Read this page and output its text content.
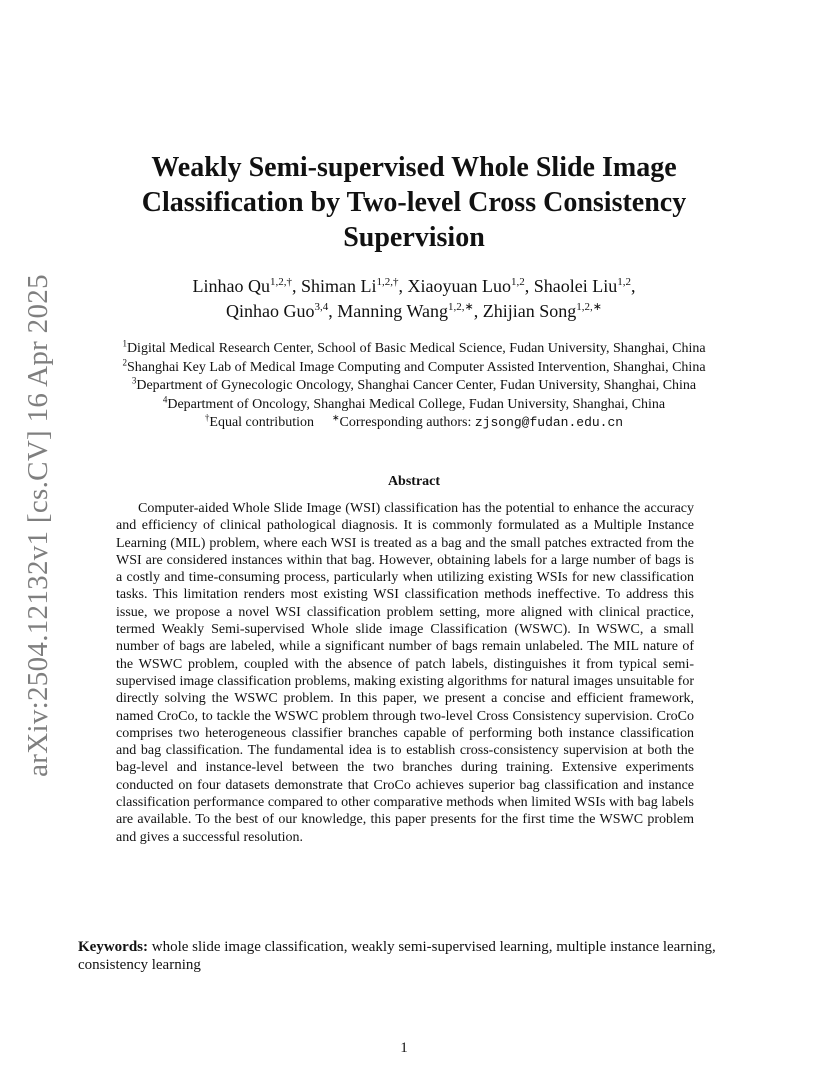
arXiv:2504.12132v1 [cs.CV] 16 Apr 2025
Weakly Semi-supervised Whole Slide Image Classification by Two-level Cross Consistency Supervision
Linhao $Qu^{1,2,\dagger}$, Shiman $Li^{1,2,\dagger}$, Xiaoyuan Luo$^{1,2}$, Shaolei Liu$^{1,2}$,
Qinhao Guo$^{3,4}$, Manning Wang$^{1,2,∗}$, Zhijian Song$^{1,2,∗}$
$^1$Digital Medical Research Center, School of Basic Medical Science, Fudan University, Shanghai, China
$^2$Shanghai Key Lab of Medical Image Computing and Computer Assisted Intervention, Shanghai, China
$^3$Department of Gynecologic Oncology, Shanghai Cancer Center, Fudan University, Shanghai, China
$^4$Department of Oncology, Shanghai Medical College, Fudan University, Shanghai, China
†Equal contribution ∗Corresponding authors: zjsong@fudan.edu.cn
Abstract

Computer-aided Whole Slide Image (WSI) classification has the potential to enhance the accuracy and efficiency of clinical pathological diagnosis. It is commonly formulated as a Multiple Instance Learning (MIL) problem, where each WSI is treated as a bag and the small patches extracted from the WSI are considered instances within that bag. However, obtaining labels for a large number of bags is a costly and time-consuming process, particularly when utilizing existing WSIs for new classification tasks. This limitation renders most existing WSI classification methods ineffective. To address this issue, we propose a novel WSI classification problem setting, more aligned with clinical practice, termed Weakly Semi-supervised Whole slide image Classification (WSWC). In WSWC, a small number of bags are labeled, while a significant number of bags remain unlabeled. The MIL nature of the WSWC problem, coupled with the absence of patch labels, distinguishes it from typical semi-supervised image classification problems, making existing algorithms for natural images unsuitable for directly solving the WSWC problem. In this paper, we present a concise and efficient framework, named CroCo, to tackle the WSWC problem through two-level Cross Consistency supervision. CroCo comprises two heterogeneous classifier branches capable of performing both instance classification and bag classification. The fundamental idea is to establish cross-consistency supervision at both the bag-level and instance-level between the two branches during training. Extensive experiments conducted on four datasets demonstrate that CroCo achieves superior bag classification and instance classification performance compared to other comparative methods when limited WSIs with bag labels are available. To the best of our knowledge, this paper presents for the first time the WSWC problem and gives a successful resolution.

Keywords: whole slide image classification, weakly semi-supervised learning, multiple instance learning, consistency learning

1
